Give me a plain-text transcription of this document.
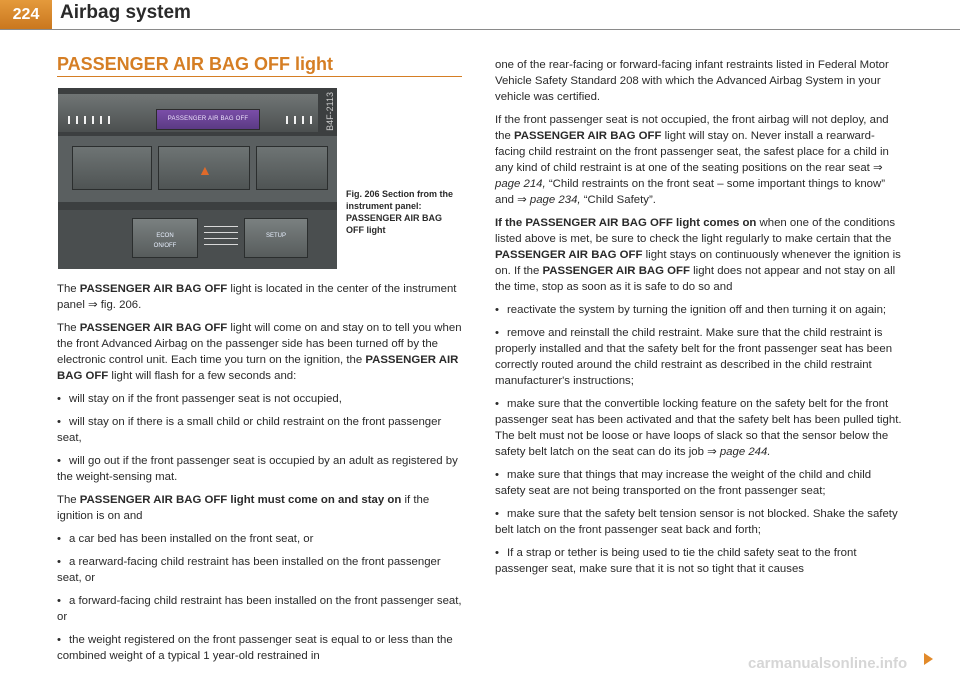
224	Airbag system
PASSENGER AIR BAG OFF light
PASSENGER AIR BAG OFF	B4F-2113
▲
ECON
ON/OFF
SETUP
Fig. 206 Section from the instrument panel: PASSENGER AIR BAG OFF light

The PASSENGER AIR BAG OFF light is located in the center of the instrument panel ⇒ fig. 206.

The PASSENGER AIR BAG OFF light will come on and stay on to tell you when the front Advanced Airbag on the passenger side has been turned off by the electronic control unit. Each time you turn on the ignition, the PASSENGER AIR BAG OFF light will flash for a few seconds and:

• will stay on if the front passenger seat is not occupied,

• will stay on if there is a small child or child restraint on the front passenger seat,

• will go out if the front passenger seat is occupied by an adult as registered by the weight-sensing mat.

The PASSENGER AIR BAG OFF light must come on and stay on if the ignition is on and

• a car bed has been installed on the front seat, or

• a rearward-facing child restraint has been installed on the front passenger seat, or

• a forward-facing child restraint has been installed on the front passenger seat, or

• the weight registered on the front passenger seat is equal to or less than the combined weight of a typical 1 year-old restrained in

one of the rear-facing or forward-facing infant restraints listed in Federal Motor Vehicle Safety Standard 208 with which the Advanced Airbag System in your vehicle was certified.

If the front passenger seat is not occupied, the front airbag will not deploy, and the PASSENGER AIR BAG OFF light will stay on. Never install a rearward-facing child restraint on the front passenger seat, the safest place for a child in any kind of child restraint is at one of the seating positions on the rear seat ⇒ page 214, “Child restraints on the front seat – some important things to know” and ⇒ page 234, “Child Safety”.

If the PASSENGER AIR BAG OFF light comes on when one of the conditions listed above is met, be sure to check the light regularly to make certain that the PASSENGER AIR BAG OFF light stays on continuously whenever the ignition is on. If the PASSENGER AIR BAG OFF light does not appear and not stay on all the time, stop as soon as it is safe to do so and

• reactivate the system by turning the ignition off and then turning it on again;

• remove and reinstall the child restraint. Make sure that the child restraint is properly installed and that the safety belt for the front passenger seat has been correctly routed around the child restraint as described in the child restraint manufacturer's instructions;

• make sure that the convertible locking feature on the safety belt for the front passenger seat has been activated and that the safety belt has been pulled tight. The belt must not be loose or have loops of slack so that the sensor below the safety belt latch on the seat can do its job ⇒ page 244.

• make sure that things that may increase the weight of the child and child safety seat are not being transported on the front passenger seat;

• make sure that the safety belt tension sensor is not blocked. Shake the safety belt latch on the front passenger seat back and forth;

• If a strap or tether is being used to tie the child safety seat to the front passenger seat, make sure that it is not so tight that it causes

carmanualsonline.info
